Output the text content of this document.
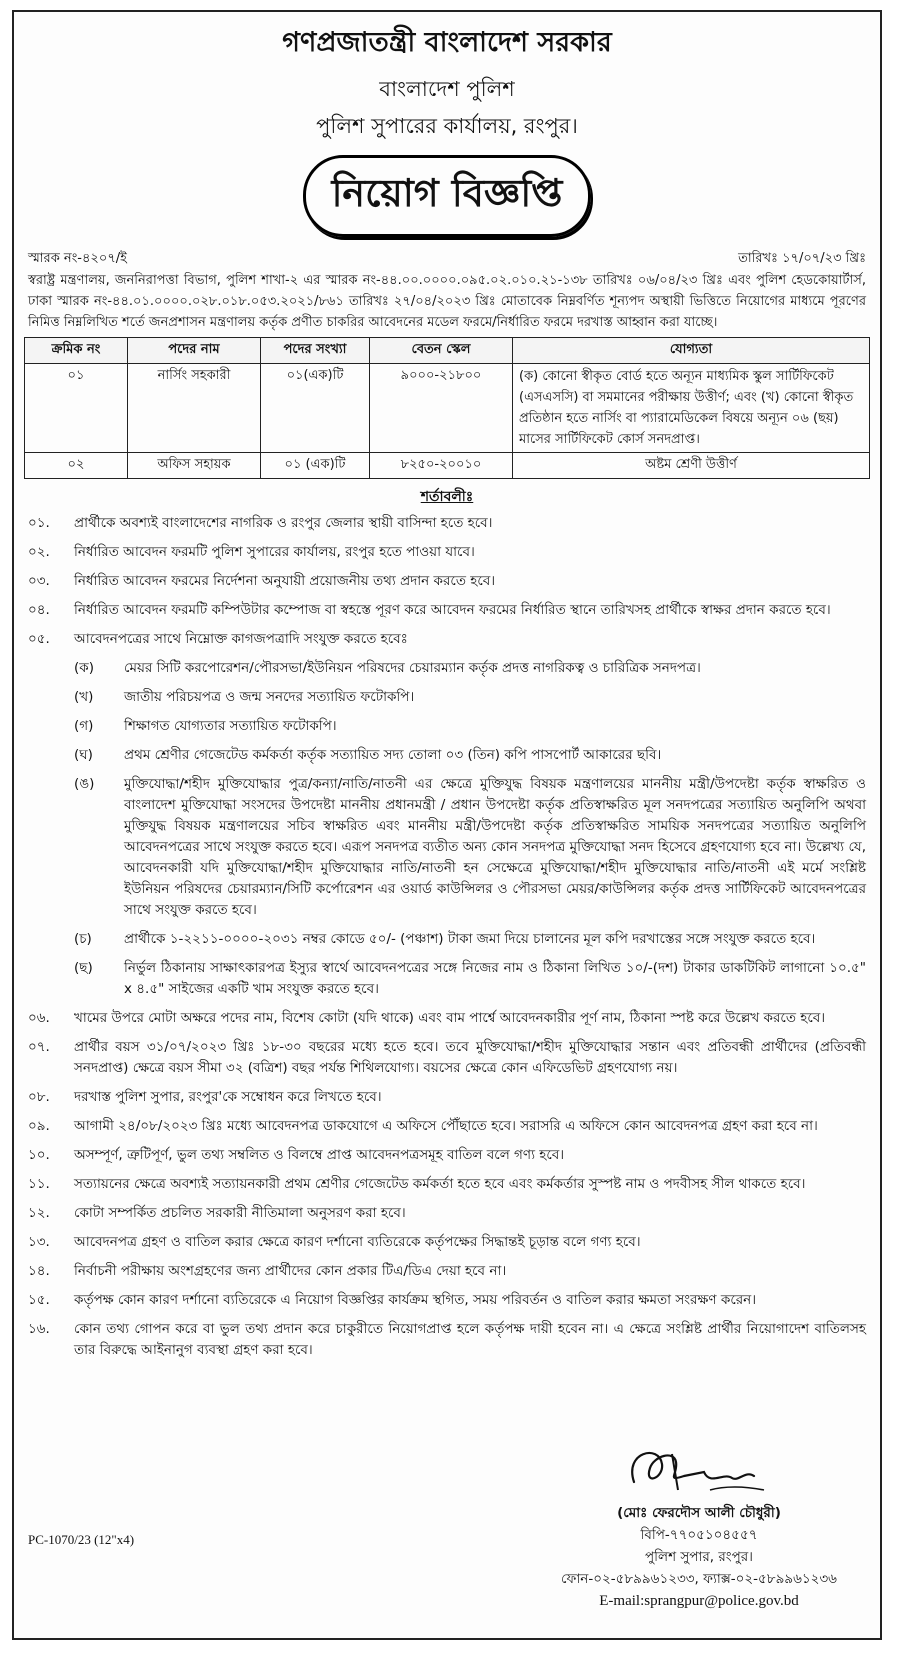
গণপ্রজাতন্ত্রী বাংলাদেশ সরকার
বাংলাদেশ পুলিশ
পুলিশ সুপারের কার্যালয়, রংপুর।
নিয়োগ বিজ্ঞপ্তি
স্মারক নং-৪২০৭/ই	তারিখঃ ১৭/০৭/২৩ খ্রিঃ
স্বরাষ্ট্র মন্ত্রণালয়, জননিরাপত্তা বিভাগ, পুলিশ শাখা-২ এর স্মারক নং-৪৪.০০.০০০০.০৯৫.০২.০১০.২১-১৩৮ তারিখঃ ০৬/০৪/২৩ খ্রিঃ এবং পুলিশ হেডকোয়ার্টার্স, ঢাকা স্মারক নং-৪৪.০১.০০০০.০২৮.০১৮.০৫৩.২০২১/৮৬১ তারিখঃ ২৭/০৪/২০২৩ খ্রিঃ মোতাবেক নিম্নবর্ণিত শূন্যপদ অস্থায়ী ভিত্তিতে নিয়োগের মাধ্যমে পূরণের নিমিত্ত নিম্নলিখিত শর্তে জনপ্রশাসন মন্ত্রণালয় কর্তৃক প্রণীত চাকরির আবেদনের মডেল ফরমে/নির্ধারিত ফরমে দরখাস্ত আহ্বান করা যাচ্ছে।
ক্রমিক নং	পদের নাম	পদের সংখ্যা	বেতন স্কেল	যোগ্যতা
০১	নার্সিং সহকারী	০১(এক)টি	৯০০০-২১৮০০	(ক) কোনো স্বীকৃত বোর্ড হতে অন্যূন মাধ্যমিক স্কুল সার্টিফিকেট (এসএসসি) বা সমমানের পরীক্ষায় উত্তীর্ণ; এবং (খ) কোনো স্বীকৃত প্রতিষ্ঠান হতে নার্সিং বা প্যারামেডিকেল বিষয়ে অন্যূন ০৬ (ছয়) মাসের সার্টিফিকেট কোর্স সনদপ্রাপ্ত।
০২	অফিস সহায়ক	০১ (এক)টি	৮২৫০-২০০১০	অষ্টম শ্রেণী উত্তীর্ণ
শর্তাবলীঃ
০১.	প্রার্থীকে অবশ্যই বাংলাদেশের নাগরিক ও রংপুর জেলার স্থায়ী বাসিন্দা হতে হবে।
০২.	নির্ধারিত আবেদন ফরমটি পুলিশ সুপারের কার্যালয়, রংপুর হতে পাওয়া যাবে।
০৩.	নির্ধারিত আবেদন ফরমের নির্দেশনা অনুযায়ী প্রয়োজনীয় তথ্য প্রদান করতে হবে।
০৪.	নির্ধারিত আবেদন ফরমটি কম্পিউটার কম্পোজ বা স্বহস্তে পূরণ করে আবেদন ফরমের নির্ধারিত স্থানে তারিখসহ প্রার্থীকে স্বাক্ষর প্রদান করতে হবে।
০৫.	আবেদনপত্রের সাথে নিম্নোক্ত কাগজপত্রাদি সংযুক্ত করতে হবেঃ
(ক)	মেয়র সিটি করপোরেশন/পৌরসভা/ইউনিয়ন পরিষদের চেয়ারম্যান কর্তৃক প্রদত্ত নাগরিকত্ব ও চারিত্রিক সনদপত্র।
(খ)	জাতীয় পরিচয়পত্র ও জন্ম সনদের সত্যায়িত ফটোকপি।
(গ)	শিক্ষাগত যোগ্যতার সত্যায়িত ফটোকপি।
(ঘ)	প্রথম শ্রেণীর গেজেটেড কর্মকর্তা কর্তৃক সত্যায়িত সদ্য তোলা ০৩ (তিন) কপি পাসপোর্ট আকারের ছবি।
(ঙ)	মুক্তিযোদ্ধা/শহীদ মুক্তিযোদ্ধার পুত্র/কন্যা/নাতি/নাতনী এর ক্ষেত্রে মুক্তিযুদ্ধ বিষয়ক মন্ত্রণালয়ের মাননীয় মন্ত্রী/উপদেষ্টা কর্তৃক স্বাক্ষরিত ও বাংলাদেশ মুক্তিযোদ্ধা সংসদের উপদেষ্টা মাননীয় প্রধানমন্ত্রী / প্রধান উপদেষ্টা কর্তৃক প্রতিস্বাক্ষরিত মূল সনদপত্রের সত্যায়িত অনুলিপি অথবা মুক্তিযুদ্ধ বিষয়ক মন্ত্রণালয়ের সচিব স্বাক্ষরিত এবং মাননীয় মন্ত্রী/উপদেষ্টা কর্তৃক প্রতিস্বাক্ষরিত সাময়িক সনদপত্রের সত্যায়িত অনুলিপি আবেদনপত্রের সাথে সংযুক্ত করতে হবে। এরূপ সনদপত্র ব্যতীত অন্য কোন সনদপত্র মুক্তিযোদ্ধা সনদ হিসেবে গ্রহণযোগ্য হবে না। উল্লেখ্য যে, আবেদনকারী যদি মুক্তিযোদ্ধা/শহীদ মুক্তিযোদ্ধার নাতি/নাতনী হন সেক্ষেত্রে মুক্তিযোদ্ধা/শহীদ মুক্তিযোদ্ধার নাতি/নাতনী এই মর্মে সংশ্লিষ্ট ইউনিয়ন পরিষদের চেয়ারম্যান/সিটি কর্পোরেশন এর ওয়ার্ড কাউন্সিলর ও পৌরসভা মেয়র/কাউন্সিলর কর্তৃক প্রদত্ত সার্টিফিকেট আবেদনপত্রের সাথে সংযুক্ত করতে হবে।
(চ)	প্রার্থীকে ১-২২১১-০০০০-২০৩১ নম্বর কোডে ৫০/- (পঞ্চাশ) টাকা জমা দিয়ে চালানের মূল কপি দরখাস্তের সঙ্গে সংযুক্ত করতে হবে।
(ছ)	নির্ভুল ঠিকানায় সাক্ষাৎকারপত্র ইস্যুর স্বার্থে আবেদনপত্রের সঙ্গে নিজের নাম ও ঠিকানা লিখিত ১০/-(দশ) টাকার ডাকটিকিট লাগানো ১০.৫" x ৪.৫" সাইজের একটি খাম সংযুক্ত করতে হবে।
০৬.	খামের উপরে মোটা অক্ষরে পদের নাম, বিশেষ কোটা (যদি থাকে) এবং বাম পার্শ্বে আবেদনকারীর পূর্ণ নাম, ঠিকানা স্পষ্ট করে উল্লেখ করতে হবে।
০৭.	প্রার্থীর বয়স ৩১/০৭/২০২৩ খ্রিঃ ১৮-৩০ বছরের মধ্যে হতে হবে। তবে মুক্তিযোদ্ধা/শহীদ মুক্তিযোদ্ধার সন্তান এবং প্রতিবন্ধী প্রার্থীদের (প্রতিবন্ধী সনদপ্রাপ্ত) ক্ষেত্রে বয়স সীমা ৩২ (বত্রিশ) বছর পর্যন্ত শিথিলযোগ্য। বয়সের ক্ষেত্রে কোন এফিডেভিট গ্রহণযোগ্য নয়।
০৮.	দরখাস্ত পুলিশ সুপার, রংপুর'কে সম্বোধন করে লিখতে হবে।
০৯.	আগামী ২৪/০৮/২০২৩ খ্রিঃ মধ্যে আবেদনপত্র ডাকযোগে এ অফিসে পৌঁছাতে হবে। সরাসরি এ অফিসে কোন আবেদনপত্র গ্রহণ করা হবে না।
১০.	অসম্পূর্ণ, ত্রুটিপূর্ণ, ভুল তথ্য সম্বলিত ও বিলম্বে প্রাপ্ত আবেদনপত্রসমূহ বাতিল বলে গণ্য হবে।
১১.	সত্যায়নের ক্ষেত্রে অবশ্যই সত্যায়নকারী প্রথম শ্রেণীর গেজেটেড কর্মকর্তা হতে হবে এবং কর্মকর্তার সুস্পষ্ট নাম ও পদবীসহ সীল থাকতে হবে।
১২.	কোটা সম্পর্কিত প্রচলিত সরকারী নীতিমালা অনুসরণ করা হবে।
১৩.	আবেদনপত্র গ্রহণ ও বাতিল করার ক্ষেত্রে কারণ দর্শানো ব্যতিরেকে কর্তৃপক্ষের সিদ্ধান্তই চূড়ান্ত বলে গণ্য হবে।
১৪.	নির্বাচনী পরীক্ষায় অংশগ্রহণের জন্য প্রার্থীদের কোন প্রকার টিএ/ডিএ দেয়া হবে না।
১৫.	কর্তৃপক্ষ কোন কারণ দর্শানো ব্যতিরেকে এ নিয়োগ বিজ্ঞপ্তির কার্যক্রম স্থগিত, সময় পরিবর্তন ও বাতিল করার ক্ষমতা সংরক্ষণ করেন।
১৬.	কোন তথ্য গোপন করে বা ভুল তথ্য প্রদান করে চাকুরীতে নিয়োগপ্রাপ্ত হলে কর্তৃপক্ষ দায়ী হবেন না। এ ক্ষেত্রে সংশ্লিষ্ট প্রার্থীর নিয়োগাদেশ বাতিলসহ তার বিরুদ্ধে আইনানুগ ব্যবস্থা গ্রহণ করা হবে।
PC-1070/23 (12"x4)
(মোঃ ফেরদৌস আলী চৌধুরী)
বিপি-৭৭০৫১০৪৫৫৭
পুলিশ সুপার, রংপুর।
ফোন-০২-৫৮৯৯৬১২৩৩, ফ্যাক্স-০২-৫৮৯৯৬১২৩৬
E-mail:sprangpur@police.gov.bd
